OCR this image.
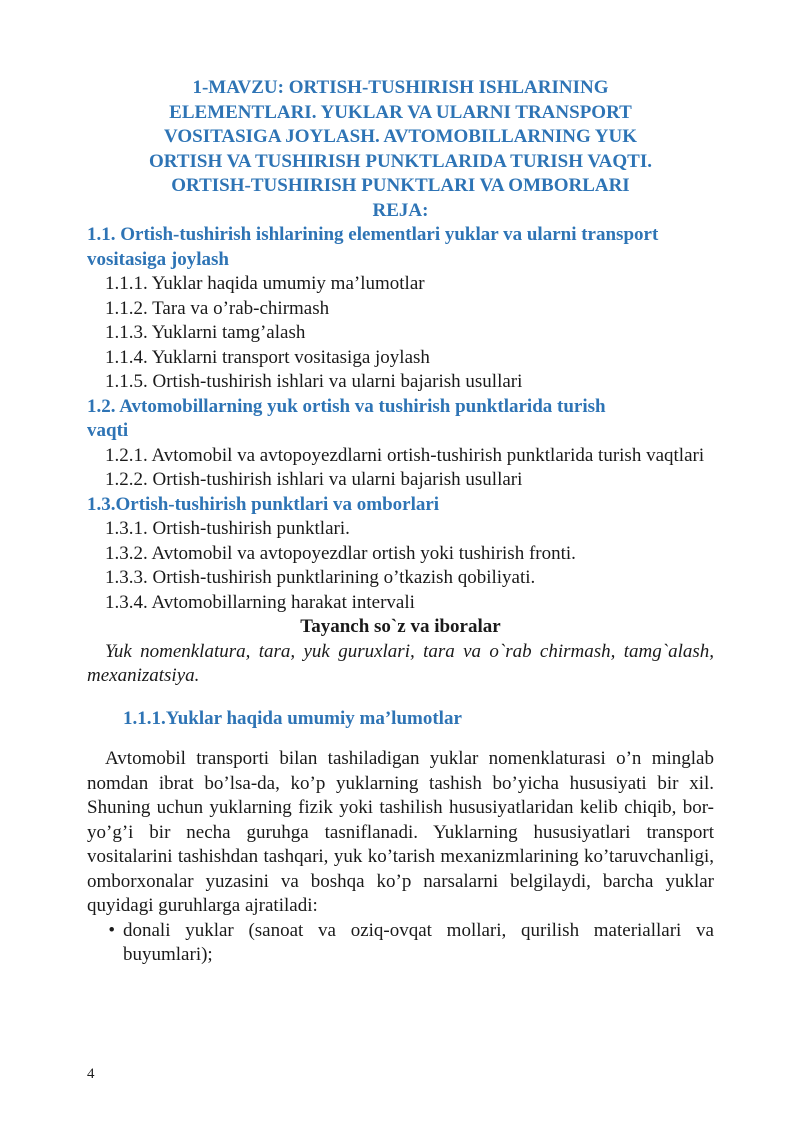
1-MAVZU: ORTISH-TUSHIRISH ISHLARINING ELEMENTLARI. YUKLAR VA ULARNI TRANSPORT VOSITASIGA JOYLASH. AVTOMOBILLARNING YUK ORTISH VA TUSHIRISH PUNKTLARIDA TURISH VAQTI. ORTISH-TUSHIRISH PUNKTLARI VA OMBORLARI
REJA:
1.1. Ortish-tushirish ishlarining elementlari yuklar va ularni transport vositasiga joylash
1.1.1. Yuklar haqida umumiy ma’lumotlar
1.1.2. Tara va o’rab-chirmash
1.1.3. Yuklarni tamg’alash
1.1.4. Yuklarni transport vositasiga joylash
1.1.5. Ortish-tushirish ishlari va ularni bajarish usullari
1.2. Avtomobillarning yuk ortish va tushirish punktlarida turish vaqti
1.2.1. Avtomobil va avtopoyezdlarni ortish-tushirish punktlarida turish vaqtlari
1.2.2. Ortish-tushirish ishlari va ularni bajarish usullari
1.3.Ortish-tushirish punktlari va omborlari
1.3.1. Ortish-tushirish punktlari.
1.3.2. Avtomobil va avtopoyezdlar ortish yoki tushirish fronti.
1.3.3. Ortish-tushirish punktlarining o’tkazish qobiliyati.
1.3.4. Avtomobillarning harakat intervali
Tayanch so`z va iboralar
Yuk nomenklatura, tara, yuk guruxlari, tara va o`rab chirmash, tamg`alash, mexanizatsiya.
1.1.1.Yuklar haqida umumiy ma’lumotlar
Avtomobil transporti bilan tashiladigan yuklar nomenklaturasi o’n minglab nomdan ibrat bo’lsa-da, ko’p yuklarning tashish bo’yicha hususiyati bir xil. Shuning uchun yuklarning fizik yoki tashilish hususiyatlaridan kelib chiqib, bor-yo’g’i bir necha guruhga tasniflanadi. Yuklarning hususiyatlari transport vositalarini tashishdan tashqari, yuk ko’tarish mexanizmlarining ko’taruvchanligi, omborxonalar yuzasini va boshqa ko’p narsalarni belgilaydi, barcha yuklar quyidagi guruhlarga ajratiladi:
• donali yuklar (sanoat va oziq-ovqat mollari, qurilish materiallari va buyumlari);
4
